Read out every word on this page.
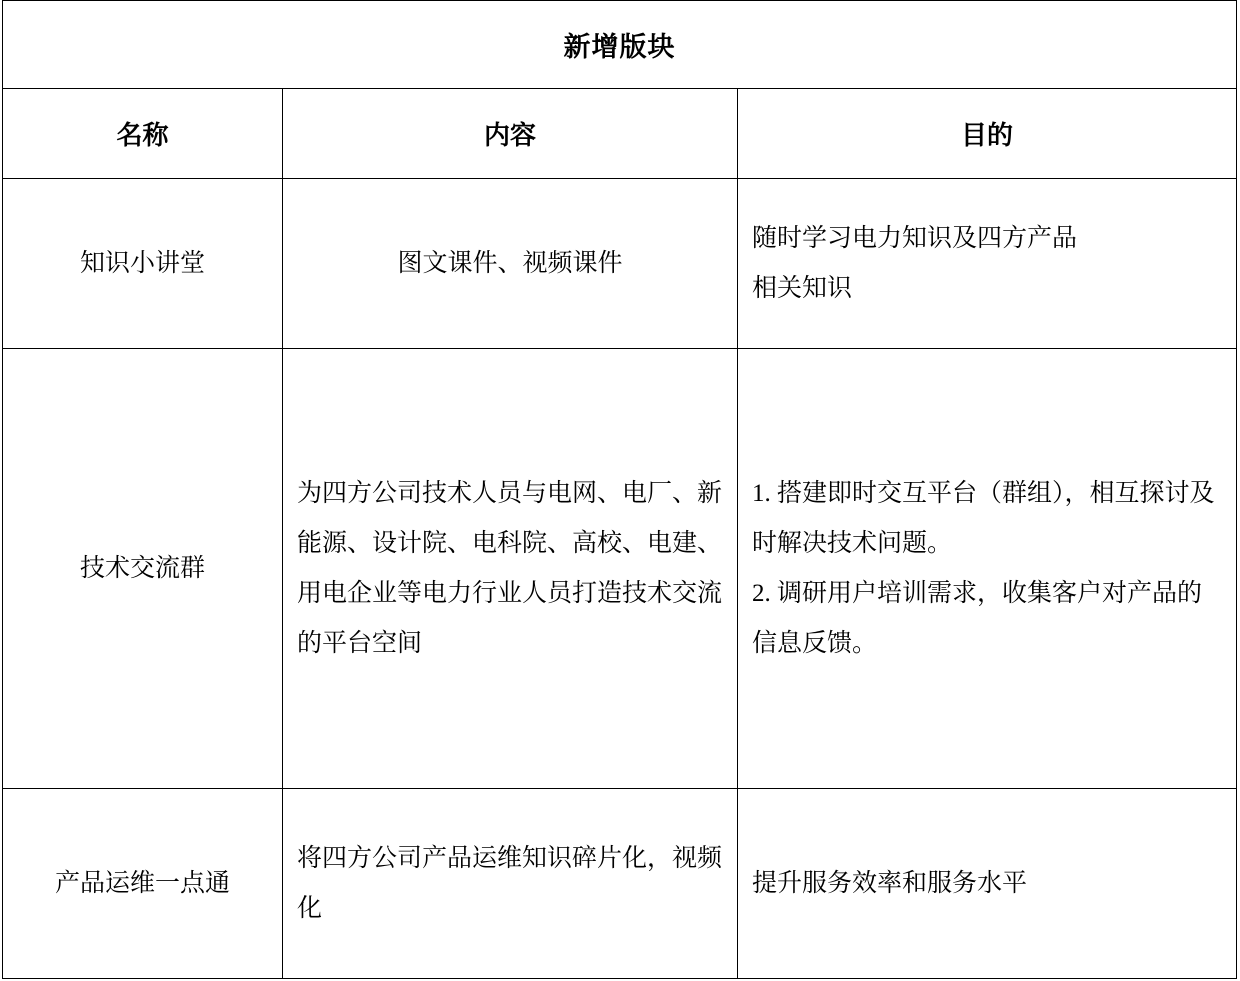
新增版块		
名称	内容	目的
知识小讲堂	图文课件、视频课件	随时学习电力知识及四方产品

相关知识

技术交流群	为四方公司技术人员与电网、电厂、新能源、设计院、电科院、高校、电建、用电企业等电力行业人员打造技术交流的平台空间	1. 搭建即时交互平台（群组），相互探讨及时解决技术问题。

2. 调研用户培训需求，收集客户对产品的信息反馈。

产品运维一点通	将四方公司产品运维知识碎片化，视频化	提升服务效率和服务水平
